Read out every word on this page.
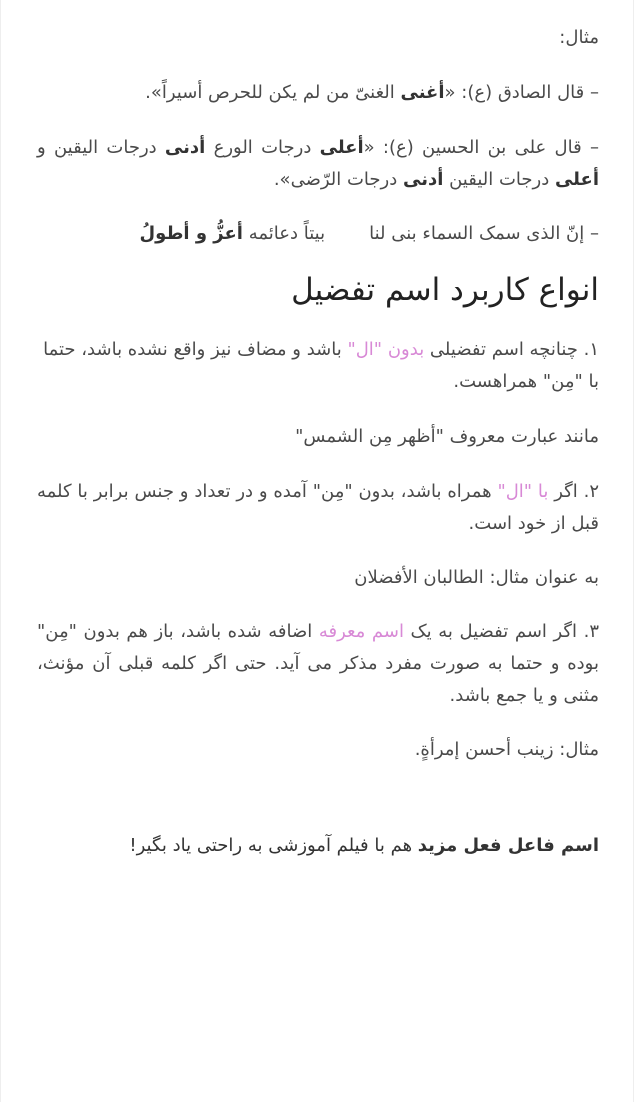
مثال:

– قال الصادق (ع): «أغنی الغنیّ من لم یکن للحرص أسیراً».

– قال علی بن الحسین (ع): «أعلی درجات الورع أدنی درجات الیقین و أعلی درجات الیقین أدنی درجات الرّضی».

– إنّ الذی سمک السماء بنی لنابیتاً دعائمه أعزُّ و أطولُ

انواع کاربرد اسم تفضیل

۱. چنانچه اسم تفضیلی بدون "ال" باشد و مضاف نیز واقع نشده باشد، حتما با "مِن" همراهست.

مانند عبارت معروف "أظهر مِن الشمس"

۲. اگر با "ال" همراه باشد، بدون "مِن" آمده و در تعداد و جنس برابر با کلمه قبل از خود است.

به عنوان مثال: الطالبان الأفضلان

۳. اگر اسم تفضیل به یک اسم معرفه اضافه شده باشد، باز هم بدون "مِن" بوده و حتما به صورت مفرد مذکر می آید. حتی اگر کلمه قبلی آن مؤنث، مثنی و یا جمع باشد.

مثال: زینب أحسن إمرأةٍ.

اسم فاعل فعل مزید هم با فیلم آموزشی به راحتی یاد بگیر!
